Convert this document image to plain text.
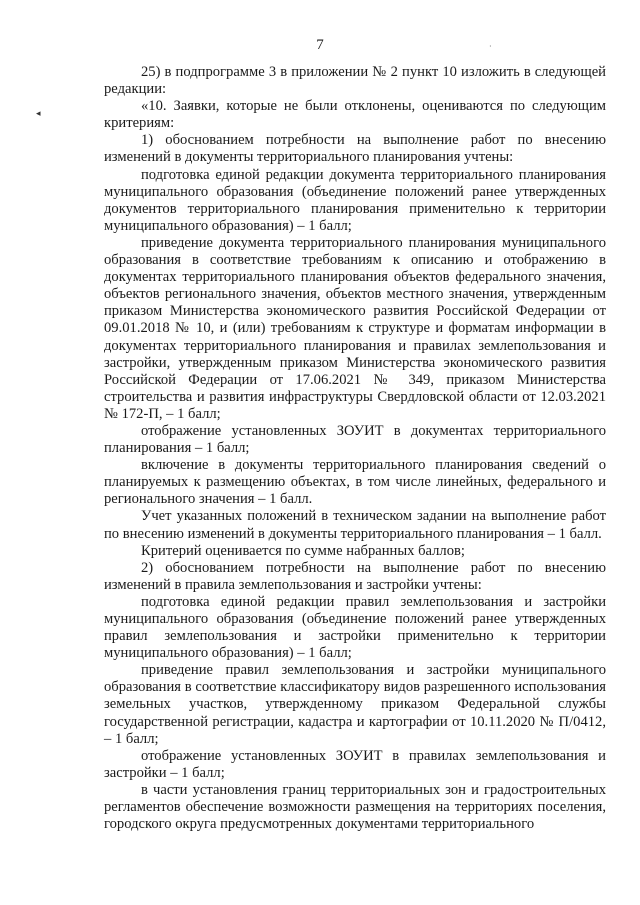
7	·
◂

25) в подпрограмме 3 в приложении № 2 пункт 10 изложить в следующей редакции:

«10. Заявки, которые не были отклонены, оцениваются по следующим критериям:

1) обоснованием потребности на выполнение работ по внесению изменений в документы территориального планирования учтены:

подготовка единой редакции документа территориального планирования муниципального образования (объединение положений ранее утвержденных документов территориального планирования применительно к территории муниципального образования) – 1 балл;

приведение документа территориального планирования муниципального образования в соответствие требованиям к описанию и отображению в документах территориального планирования объектов федерального значения, объектов регионального значения, объектов местного значения, утвержденным приказом Министерства экономического развития Российской Федерации от 09.01.2018 № 10, и (или) требованиям к структуре и форматам информации в документах территориального планирования и правилах землепользования и застройки, утвержденным приказом Министерства экономического развития Российской Федерации от 17.06.2021 № 349, приказом Министерства строительства и развития инфраструктуры Свердловской области от 12.03.2021 № 172-П, – 1 балл;

отображение установленных ЗОУИТ в документах территориального планирования – 1 балл;

включение в документы территориального планирования сведений о планируемых к размещению объектах, в том числе линейных, федерального и регионального значения – 1 балл.

Учет указанных положений в техническом задании на выполнение работ по внесению изменений в документы территориального планирования – 1 балл.

Критерий оценивается по сумме набранных баллов;

2) обоснованием потребности на выполнение работ по внесению изменений в правила землепользования и застройки учтены:

подготовка единой редакции правил землепользования и застройки муниципального образования (объединение положений ранее утвержденных правил землепользования и застройки применительно к территории муниципального образования) – 1 балл;

приведение правил землепользования и застройки муниципального образования в соответствие классификатору видов разрешенного использования земельных участков, утвержденному приказом Федеральной службы государственной регистрации, кадастра и картографии от 10.11.2020 № П/0412, – 1 балл;

отображение установленных ЗОУИТ в правилах землепользования и застройки – 1 балл;

в части установления границ территориальных зон и градостроительных регламентов обеспечение возможности размещения на территориях поселения, городского округа предусмотренных документами территориального
